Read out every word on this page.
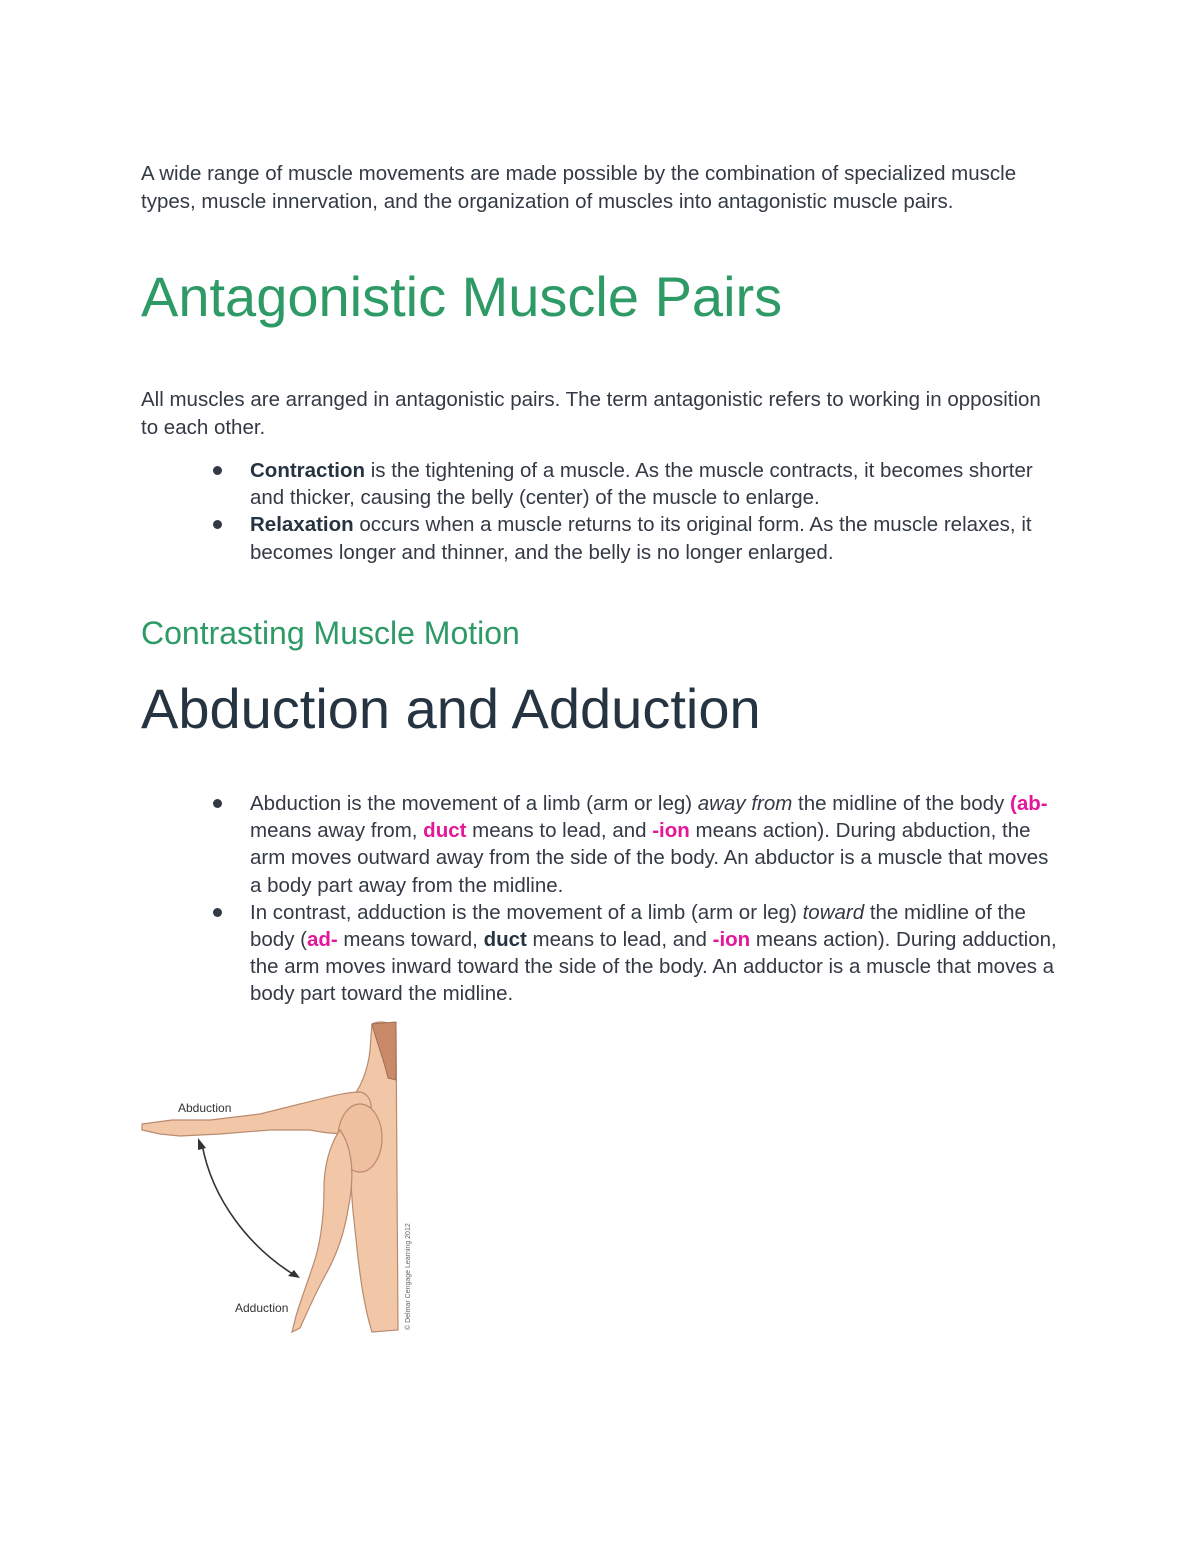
A wide range of muscle movements are made possible by the combination of specialized muscle types, muscle innervation, and the organization of muscles into antagonistic muscle pairs.

Antagonistic Muscle Pairs

All muscles are arranged in antagonistic pairs. The term antagonistic refers to working in opposition to each other.

Contraction is the tightening of a muscle. As the muscle contracts, it becomes shorter and thicker, causing the belly (center) of the muscle to enlarge.
Relaxation occurs when a muscle returns to its original form. As the muscle relaxes, it becomes longer and thinner, and the belly is no longer enlarged.
Contrasting Muscle Motion
Abduction and Adduction
Abduction is the movement of a limb (arm or leg) away from the midline of the body (ab- means away from, duct means to lead, and -ion means action). During abduction, the arm moves outward away from the side of the body. An abductor is a muscle that moves a body part away from the midline.
In contrast, adduction is the movement of a limb (arm or leg) toward the midline of the body (ad- means toward, duct means to lead, and -ion means action). During adduction, the arm moves inward toward the side of the body. An adductor is a muscle that moves a body part toward the midline.
Abduction
Adduction	© Delmar Cengage Learning 2012
